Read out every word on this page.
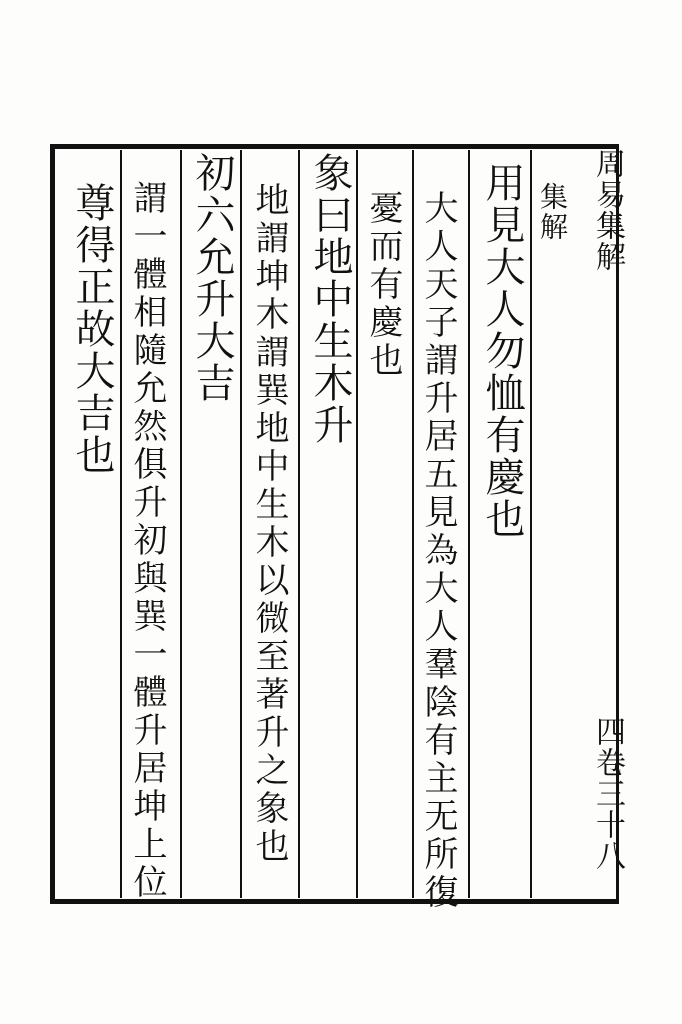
用見大人勿恤有慶也
大人天子謂升居五見為大人羣陰有主无所復
憂而有慶也	集解
象曰地中生木升
地謂坤木謂巽地中生木以微至著升之象也
初六允升大吉
謂一體相隨允然俱升初與巽一體升居坤上位
尊得正故大吉也	周易集解
四卷三十八
